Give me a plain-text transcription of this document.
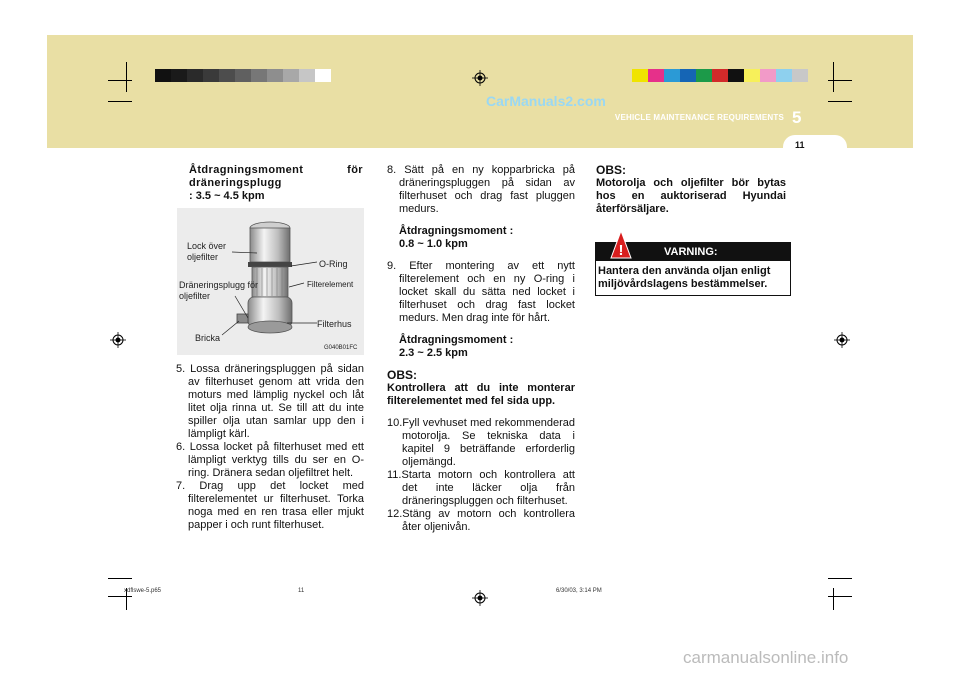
CarManuals2.com
VEHICLE MAINTENANCE REQUIREMENTS 5
11

Åtdragningsmoment för dräneringsplugg

: 3.5 ~ 4.5 kpm

Lock över oljefilter
O-Ring
Dräneringsplugg för oljefilter
Filterelement
Filterhus
Bricka
G040B01FC

5. Lossa dräneringspluggen på sidan av filterhuset genom att vrida den moturs med lämplig nyckel och låt litet olja rinna ut. Se till att du inte spiller olja utan samlar upp den i lämpligt kärl.

6. Lossa locket på filterhuset med ett lämpligt verktyg tills du ser en O-ring. Dränera sedan oljefiltret helt.

7. Drag upp det locket med filterelementet ur filterhuset. Torka noga med en ren trasa eller mjukt papper i och runt filterhuset.

8. Sätt på en ny kopparbricka på dräneringspluggen på sidan av filterhuset och drag fast pluggen medurs.

Åtdragningsmoment :

0.8 ~ 1.0 kpm

9. Efter montering av ett nytt filterelement och en ny O-ring i locket skall du sätta ned locket i filterhuset och drag fast locket medurs. Men drag inte för hårt.

Åtdragningsmoment :

2.3 ~ 2.5 kpm

OBS:

Kontrollera att du inte monterar filterelementet med fel sida upp.

10.Fyll vevhuset med rekommenderad motorolja. Se tekniska data i kapitel 9 beträffande erforderlig oljemängd.

11.Starta motorn och kontrollera att det inte läcker olja från dräneringspluggen och filterhuset.

12.Stäng av motorn och kontrollera åter oljenivån.

OBS:

Motorolja och oljefilter bör bytas hos en auktoriserad Hyundai återförsäljare.

!	VARNING:
Hantera den använda oljan enligt miljövårdslagens bestämmelser.
xdflswe-5.p65	11	6/30/03, 3:14 PM
carmanualsonline.info
